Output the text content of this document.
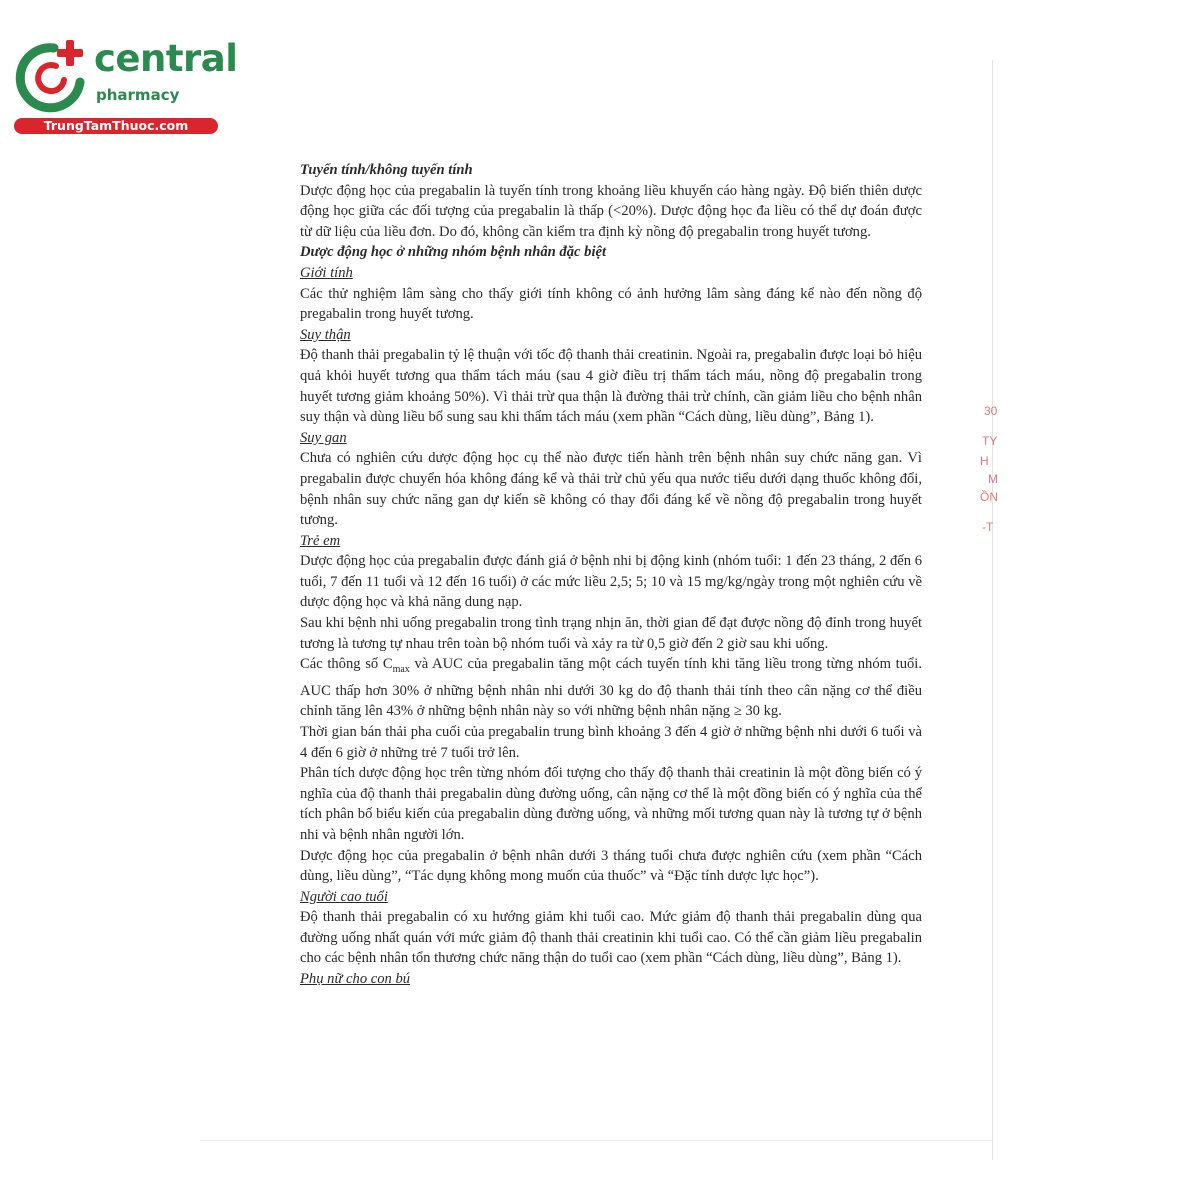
central
pharmacy
TrungTamThuoc.com
30
TY
H
M
ỒN
-T

Tuyến tính/không tuyến tính

Dược động học của pregabalin là tuyến tính trong khoảng liều khuyến cáo hàng ngày. Độ biến thiên dược động học giữa các đối tượng của pregabalin là thấp (<20%). Dược động học đa liều có thể dự đoán được từ dữ liệu của liều đơn. Do đó, không cần kiểm tra định kỳ nồng độ pregabalin trong huyết tương.

Dược động học ở những nhóm bệnh nhân đặc biệt

Giới tính

Các thử nghiệm lâm sàng cho thấy giới tính không có ảnh hưởng lâm sàng đáng kể nào đến nồng độ pregabalin trong huyết tương.

Suy thận

Độ thanh thải pregabalin tỷ lệ thuận với tốc độ thanh thải creatinin. Ngoài ra, pregabalin được loại bỏ hiệu quả khỏi huyết tương qua thẩm tách máu (sau 4 giờ điều trị thẩm tách máu, nồng độ pregabalin trong huyết tương giảm khoảng 50%). Vì thải trừ qua thận là đường thải trừ chính, cần giảm liều cho bệnh nhân suy thận và dùng liều bổ sung sau khi thẩm tách máu (xem phần “Cách dùng, liều dùng”, Bảng 1).

Suy gan

Chưa có nghiên cứu dược động học cụ thể nào được tiến hành trên bệnh nhân suy chức năng gan. Vì pregabalin được chuyển hóa không đáng kể và thải trừ chủ yếu qua nước tiểu dưới dạng thuốc không đổi, bệnh nhân suy chức năng gan dự kiến sẽ không có thay đổi đáng kể về nồng độ pregabalin trong huyết tương.

Trẻ em

Dược động học của pregabalin được đánh giá ở bệnh nhi bị động kinh (nhóm tuổi: 1 đến 23 tháng, 2 đến 6 tuổi, 7 đến 11 tuổi và 12 đến 16 tuổi) ở các mức liều 2,5; 5; 10 và 15 mg/kg/ngày trong một nghiên cứu về dược động học và khả năng dung nạp.

Sau khi bệnh nhi uống pregabalin trong tình trạng nhịn ăn, thời gian để đạt được nồng độ đỉnh trong huyết tương là tương tự nhau trên toàn bộ nhóm tuổi và xảy ra từ 0,5 giờ đến 2 giờ sau khi uống.

Các thông số $C_{max}$ và AUC của pregabalin tăng một cách tuyến tính khi tăng liều trong từng nhóm tuổi. AUC thấp hơn 30% ở những bệnh nhân nhi dưới 30 kg do độ thanh thải tính theo cân nặng cơ thể điều chỉnh tăng lên 43% ở những bệnh nhân này so với những bệnh nhân nặng ≥ 30 kg.

Thời gian bán thải pha cuối của pregabalin trung bình khoảng 3 đến 4 giờ ở những bệnh nhi dưới 6 tuổi và 4 đến 6 giờ ở những trẻ 7 tuổi trở lên.

Phân tích dược động học trên từng nhóm đối tượng cho thấy độ thanh thải creatinin là một đồng biến có ý nghĩa của độ thanh thải pregabalin dùng đường uống, cân nặng cơ thể là một đồng biến có ý nghĩa của thể tích phân bố biểu kiến của pregabalin dùng đường uống, và những mối tương quan này là tương tự ở bệnh nhi và bệnh nhân người lớn.

Dược động học của pregabalin ở bệnh nhân dưới 3 tháng tuổi chưa được nghiên cứu (xem phần “Cách dùng, liều dùng”, “Tác dụng không mong muốn của thuốc” và “Đặc tính dược lực học”).

Người cao tuổi

Độ thanh thải pregabalin có xu hướng giảm khi tuổi cao. Mức giảm độ thanh thải pregabalin dùng qua đường uống nhất quán với mức giảm độ thanh thải creatinin khi tuổi cao. Có thể cần giảm liều pregabalin cho các bệnh nhân tổn thương chức năng thận do tuổi cao (xem phần “Cách dùng, liều dùng”, Bảng 1).

Phụ nữ cho con bú
